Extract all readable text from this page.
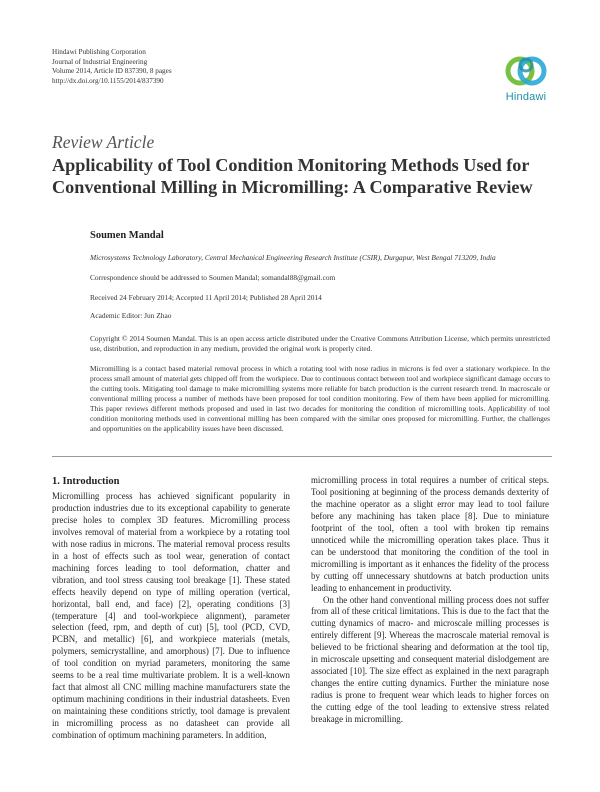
Hindawi Publishing Corporation
Journal of Industrial Engineering
Volume 2014, Article ID 837390, 8 pages
http://dx.doi.org/10.1155/2014/837390
Hindawi
Review Article
Applicability of Tool Condition Monitoring Methods Used for Conventional Milling in Micromilling: A Comparative Review
Soumen Mandal
Microsystems Technology Laboratory, Central Mechanical Engineering Research Institute (CSIR), Durgapur, West Bengal 713209, India
Correspondence should be addressed to Soumen Mandal; somandal88@gmail.com
Received 24 February 2014; Accepted 11 April 2014; Published 28 April 2014
Academic Editor: Jun Zhao
Copyright © 2014 Soumen Mandal. This is an open access article distributed under the Creative Commons Attribution License, which permits unrestricted use, distribution, and reproduction in any medium, provided the original work is properly cited.
Micromilling is a contact based material removal process in which a rotating tool with nose radius in microns is fed over a stationary workpiece. In the process small amount of material gets chipped off from the workpiece. Due to continuous contact between tool and workpiece significant damage occurs to the cutting tools. Mitigating tool damage to make micromilling systems more reliable for batch production is the current research trend. In macroscale or conventional milling process a number of methods have been proposed for tool condition monitoring. Few of them have been applied for micromilling. This paper reviews different methods proposed and used in last two decades for monitoring the condition of micromilling tools. Applicability of tool condition monitoring methods used in conventional milling has been compared with the similar ones proposed for micromilling. Further, the challenges and opportunities on the applicability issues have been discussed.
1. Introduction

Micromilling process has achieved significant popularity in production industries due to its exceptional capability to generate precise holes to complex 3D features. Micromilling process involves removal of material from a workpiece by a rotating tool with nose radius in microns. The material removal process results in a host of effects such as tool wear, generation of contact machining forces leading to tool deformation, chatter and vibration, and tool stress causing tool breakage [1]. These stated effects heavily depend on type of milling operation (vertical, horizontal, ball end, and face) [2], operating conditions [3] (temperature [4] and tool-workpiece alignment), parameter selection (feed, rpm, and depth of cut) [5], tool (PCD, CVD, PCBN, and metallic) [6], and workpiece materials (metals, polymers, semicrystalline, and amorphous) [7]. Due to influence of tool condition on myriad parameters, monitoring the same seems to be a real time multivariate problem. It is a well-known fact that almost all CNC milling machine manufacturers state the optimum machining conditions in their industrial datasheets. Even on maintaining these conditions strictly, tool damage is prevalent in micromilling process as no datasheet can provide all combination of optimum machining parameters. In addition,

micromilling process in total requires a number of critical steps. Tool positioning at beginning of the process demands dexterity of the machine operator as a slight error may lead to tool failure before any machining has taken place [8]. Due to miniature footprint of the tool, often a tool with broken tip remains unnoticed while the micromilling operation takes place. Thus it can be understood that monitoring the condition of the tool in micromilling is important as it enhances the fidelity of the process by cutting off unnecessary shutdowns at batch production units leading to enhancement in productivity.

On the other hand conventional milling process does not suffer from all of these critical limitations. This is due to the fact that the cutting dynamics of macro- and microscale milling processes is entirely different [9]. Whereas the macroscale material removal is believed to be frictional shearing and deformation at the tool tip, in microscale upsetting and consequent material dislodgement are associated [10]. The size effect as explained in the next paragraph changes the entire cutting dynamics. Further the miniature nose radius is prone to frequent wear which leads to higher forces on the cutting edge of the tool leading to extensive stress related breakage in micromilling.
